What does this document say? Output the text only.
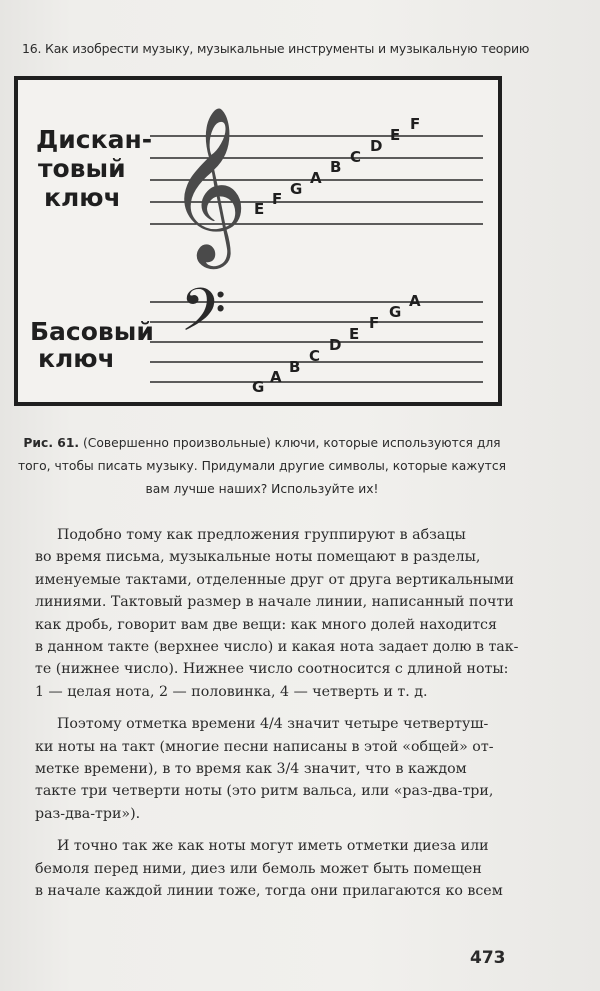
16. Как изобрести музыку, музыкальные инструменты и музыкальную теорию
𝄞
Дискан-
товый
ключ	E
F
G
A
B
C
D
E
F
𝄢
Басовый
ключ
G
A
B
C
D
E
F
G
A
Рис. 61. (Совершенно произвольные) ключи, которые используются для того, чтобы писать музыку. Придумали другие символы, которые кажутся вам лучше наших? Используйте их!

Подобно тому как предложения группируют в абзацы
во время письма, музыкальные ноты помещают в разделы,
именуемые тактами, отделенные друг от друга вертикальными
линиями. Тактовый размер в начале линии, написанный почти
как дробь, говорит вам две вещи: как много долей находится
в данном такте (верхнее число) и какая нота задает долю в так-
те (нижнее число). Нижнее число соотносится с длиной ноты:
1 — целая нота, 2 — половинка, 4 — четверть и т. д.

Поэтому отметка времени 4/4 значит четыре четвертуш-
ки ноты на такт (многие песни написаны в этой «общей» от-
метке времени), в то время как 3/4 значит, что в каждом
такте три четверти ноты (это ритм вальса, или «раз-два-три,
раз-два-три»).

И точно так же как ноты могут иметь отметки диеза или
бемоля перед ними, диез или бемоль может быть помещен
в начале каждой линии тоже, тогда они прилагаются ко всем

473
